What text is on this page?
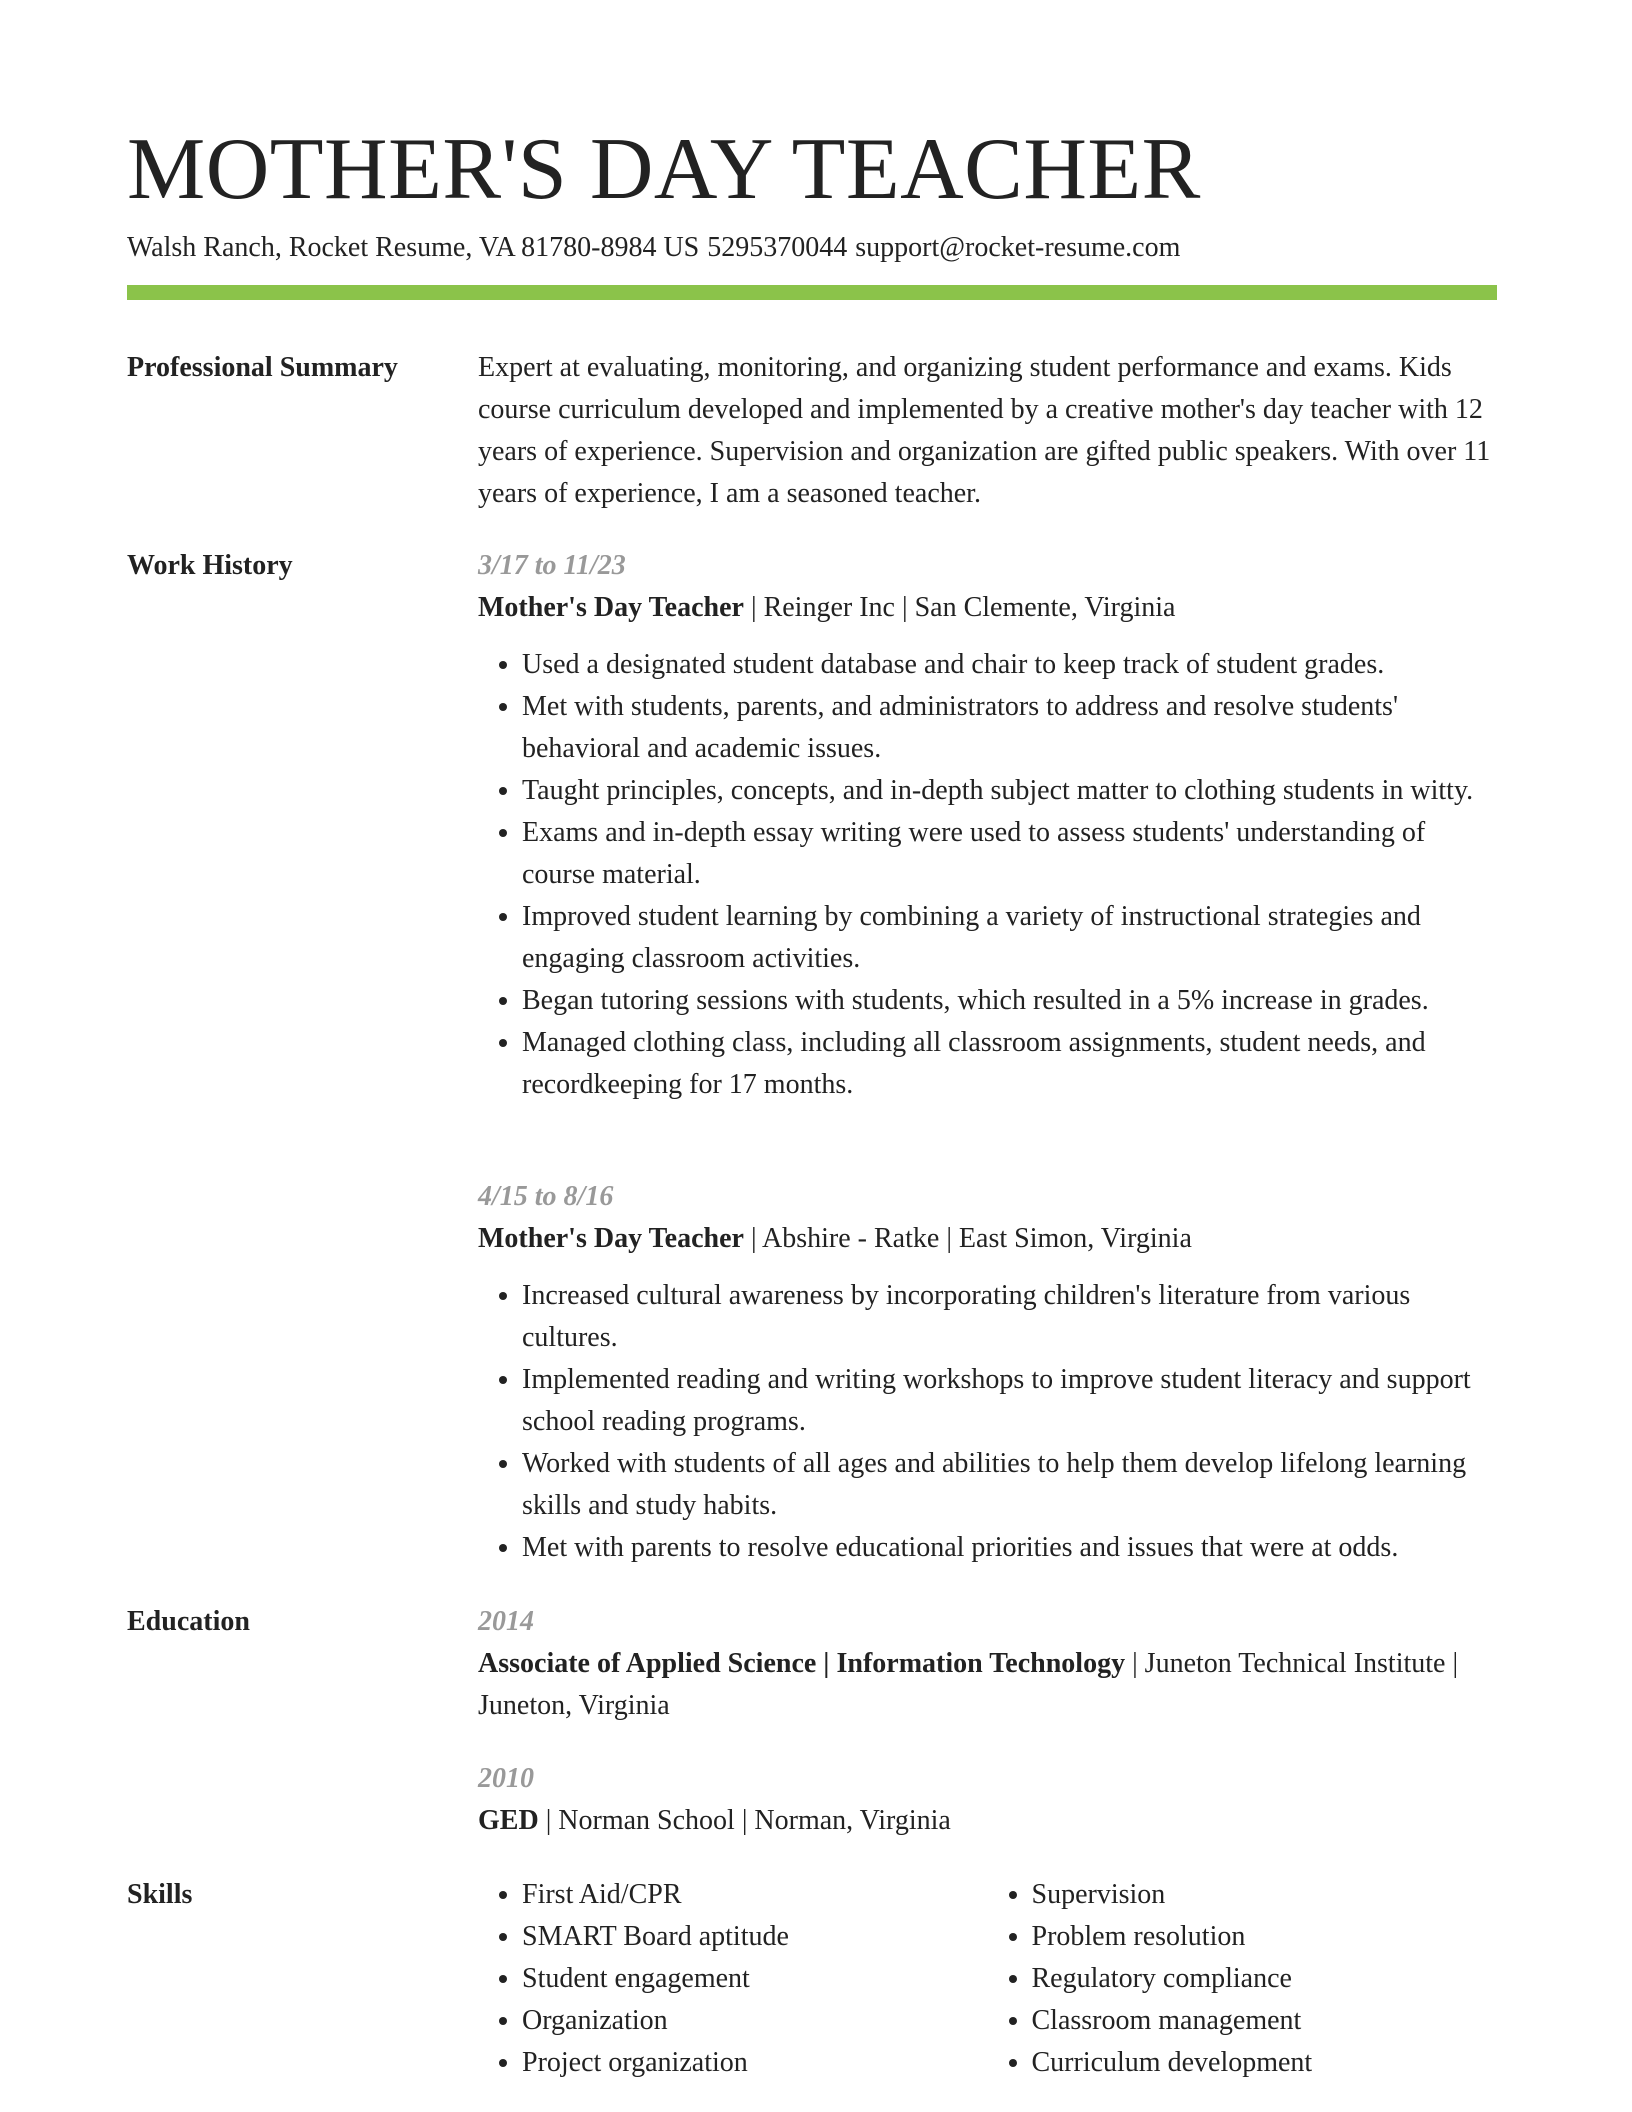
MOTHER'S DAY TEACHER
Walsh Ranch, Rocket Resume, VA 81780-8984 US 5295370044 support@rocket-resume.com
Professional Summary	Expert at evaluating, monitoring, and organizing student performance and exams. Kids course curriculum developed and implemented by a creative mother's day teacher with 12 years of experience. Supervision and organization are gifted public speakers. With over 11 years of experience, I am a seasoned teacher.
Work History	3/17 to 11/23
Mother's Day Teacher | Reinger Inc | San Clemente, Virginia
• Used a designated student database and chair to keep track of student grades.
• Met with students, parents, and administrators to address and resolve students' behavioral and academic issues.
• Taught principles, concepts, and in-depth subject matter to clothing students in witty.
• Exams and in-depth essay writing were used to assess students' understanding of course material.
• Improved student learning by combining a variety of instructional strategies and engaging classroom activities.
• Began tutoring sessions with students, which resulted in a 5% increase in grades.
• Managed clothing class, including all classroom assignments, student needs, and recordkeeping for 17 months.
4/15 to 8/16
Mother's Day Teacher | Abshire - Ratke | East Simon, Virginia
• Increased cultural awareness by incorporating children's literature from various cultures.
• Implemented reading and writing workshops to improve student literacy and support school reading programs.
• Worked with students of all ages and abilities to help them develop lifelong learning skills and study habits.
• Met with parents to resolve educational priorities and issues that were at odds.
Education	2014
Associate of Applied Science | Information Technology | Juneton Technical Institute | Juneton, Virginia
2010
GED | Norman School | Norman, Virginia
Skills
•	First Aid/CPR
• SMART Board aptitude
• Student engagement
• Organization
• Project organization
• Supervision
• Problem resolution
• Regulatory compliance
• Classroom management
• Curriculum development
